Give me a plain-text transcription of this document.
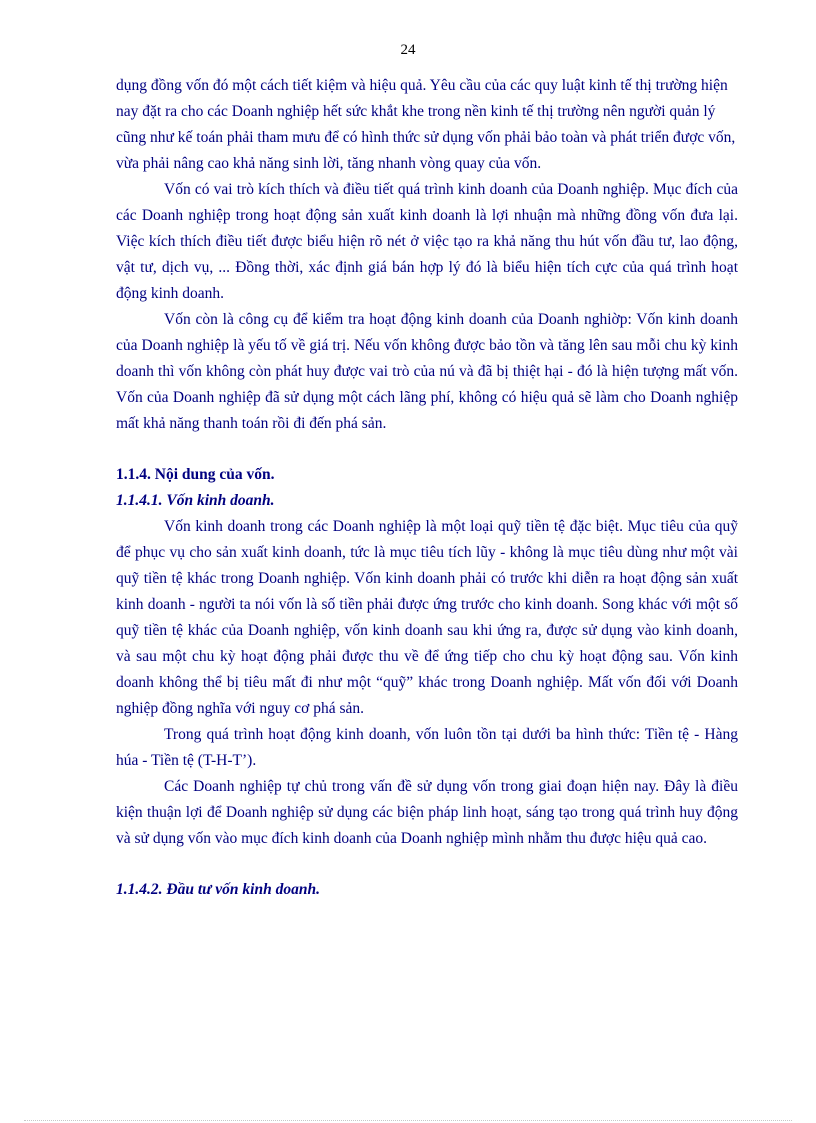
24

dụng đồng vốn đó một cách tiết kiệm và hiệu quả. Yêu cầu của các quy luật kinh tế thị trường hiện nay đặt ra cho các Doanh nghiệp hết sức khắt khe trong nền kinh tế thị trường nên người quản lý cũng như kế toán phải tham mưu để có hình thức sử dụng vốn phải bảo toàn và phát triển được vốn, vừa phải nâng cao khả năng sinh lời, tăng nhanh vòng quay của vốn.

Vốn có vai trò kích thích và điều tiết quá trình kinh doanh của Doanh nghiệp. Mục đích của các Doanh nghiệp trong hoạt động sản xuất kinh doanh là lợi nhuận mà những đồng vốn đưa lại. Việc kích thích điều tiết được biểu hiện rõ nét ở việc tạo ra khả năng thu hút vốn đầu tư, lao động, vật tư, dịch vụ, ... Đồng thời, xác định giá bán hợp lý đó là biểu hiện tích cực của quá trình hoạt động kinh doanh.

Vốn còn là công cụ để kiểm tra hoạt động kinh doanh của Doanh nghiờp: Vốn kinh doanh của Doanh nghiệp là yếu tố về giá trị. Nếu vốn không được bảo tồn và tăng lên sau mỗi chu kỳ kinh doanh thì vốn không còn phát huy được vai trò của nú và đã bị thiệt hại - đó là hiện tượng mất vốn. Vốn của Doanh nghiệp đã sử dụng một cách lãng phí, không có hiệu quả sẽ làm cho Doanh nghiệp mất khả năng thanh toán rồi đi đến phá sản.

1.1.4. Nội dung của vốn.

1.1.4.1. Vốn kinh doanh.

Vốn kinh doanh trong các Doanh nghiệp là một loại quỹ tiền tệ đặc biệt. Mục tiêu của quỹ để phục vụ cho sản xuất kinh doanh, tức là mục tiêu tích lũy - không là mục tiêu dùng như một vài quỹ tiền tệ khác trong Doanh nghiệp. Vốn kinh doanh phải có trước khi diễn ra hoạt động sản xuất kinh doanh - người ta nói vốn là số tiền phải được ứng trước cho kinh doanh. Song khác với một số quỹ tiền tệ khác của Doanh nghiệp, vốn kinh doanh sau khi ứng ra, được sử dụng vào kinh doanh, và sau một chu kỳ hoạt động phải được thu về để ứng tiếp cho chu kỳ hoạt động sau. Vốn kinh doanh không thể bị tiêu mất đi như một “quỹ” khác trong Doanh nghiệp. Mất vốn đối với Doanh nghiệp đồng nghĩa với nguy cơ phá sản.

Trong quá trình hoạt động kinh doanh, vốn luôn tồn tại dưới ba hình thức: Tiền tệ - Hàng húa - Tiền tệ (T-H-T’).

Các Doanh nghiệp tự chủ trong vấn đề sử dụng vốn trong giai đoạn hiện nay. Đây là điều kiện thuận lợi để Doanh nghiệp sử dụng các biện pháp linh hoạt, sáng tạo trong quá trình huy động và sử dụng vốn vào mục đích kinh doanh của Doanh nghiệp mình nhằm thu được hiệu quả cao.

1.1.4.2. Đầu tư vốn kinh doanh.
